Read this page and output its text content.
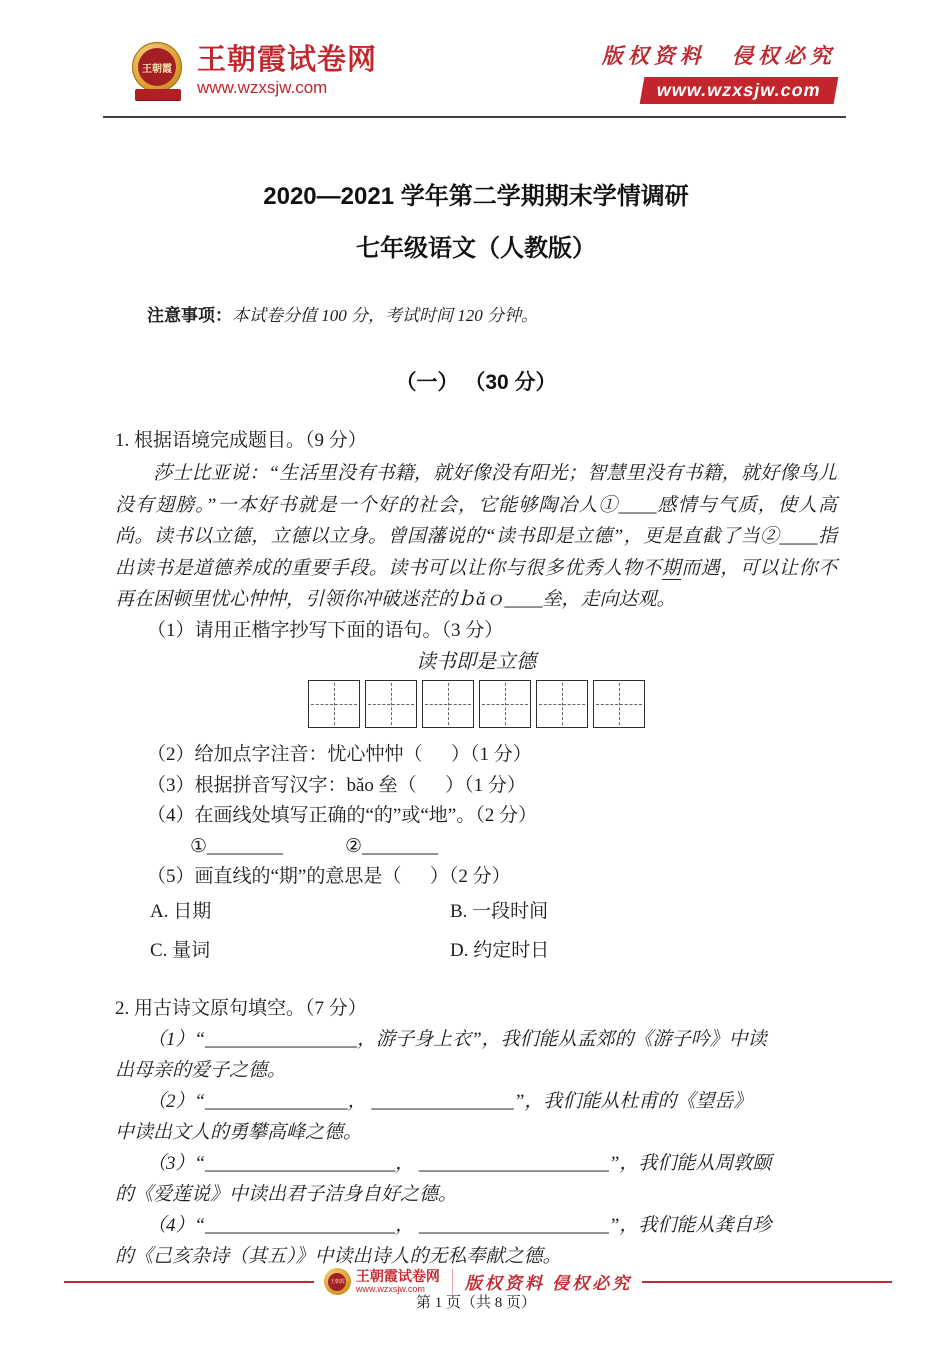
王朝霞 王朝霞试卷网
www.wzxsjw.com
版权资料 侵权必究
www.wzxsjw.com
2020—2021 学年第二学期期末学情调研
七年级语文（人教版）

注意事项：本试卷分值 100 分，考试时间 120 分钟。

（一） （30 分）

1. 根据语境完成题目。（9 分）

莎士比亚说：“生活里没有书籍，就好像没有阳光；智慧里没有书籍，就好像鸟儿没有翅膀。”一本好书就是一个好的社会，它能够陶冶人①____感情与气质，使人高尚。读书以立德，立德以立身。曾国藩说的“读书即是立德”，更是直截了当②____指出读书是道德养成的重要手段。读书可以让你与很多优秀人物不期而遇，可以让你不再在困顿里忧心忡忡，引领你冲破迷茫的ｂǎｏ____垒，走向达观。

（1）请用正楷字抄写下面的语句。（3 分）

读书即是立德

（2）给加点字注音：忧心忡忡（      ）（1 分）

（3）根据拼音写汉字：bǎo 垒（      ）（1 分）

（4）在画线处填写正确的“的”或“地”。（2 分）

①________	②________

（5）画直线的“期”的意思是（      ）（2 分）

A. 日期	B. 一段时间
C. 量词	D. 约定时日

2. 用古诗文原句填空。（7 分）

（1）“________________，游子身上衣”，我们能从孟郊的《游子吟》中读

出母亲的爱子之德。

（2）“_______________， _______________”，我们能从杜甫的《望岳》

中读出文人的勇攀高峰之德。

（3）“____________________， ____________________”，我们能从周敦颐

的《爱莲说》中读出君子洁身自好之德。

（4）“____________________， ____________________”，我们能从龚自珍

的《己亥杂诗（其五）》中读出诗人的无私奉献之德。

第 1 页（共 8 页）

王朝霞 王朝霞试卷网
www.wzxsjw.com	版权资料 侵权必究
